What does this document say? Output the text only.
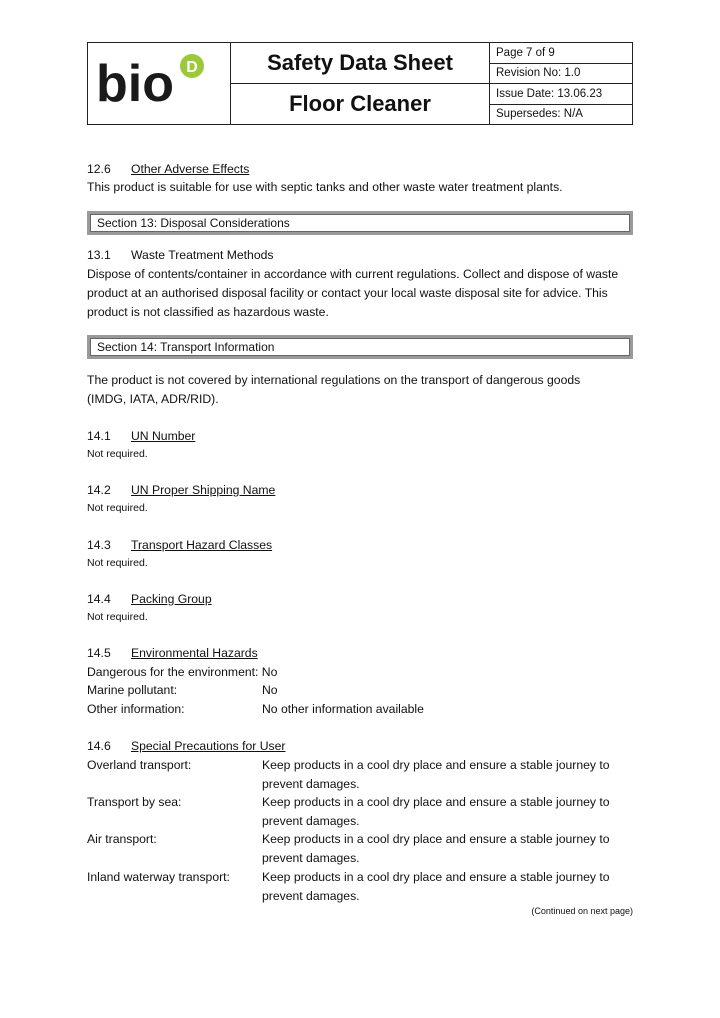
bio D	Safety Data Sheet
Floor Cleaner
Page 7 of 9
Revision No: 1.0
Issue Date: 13.06.23
Supersedes: N/A
12.6 Other Adverse Effects
This product is suitable for use with septic tanks and other waste water treatment plants.
Section 13: Disposal Considerations
13.1 Waste Treatment Methods
Dispose of contents/container in accordance with current regulations. Collect and dispose of waste
product at an authorised disposal facility or contact your local waste disposal site for advice. This
product is not classified as hazardous waste.
Section 14: Transport Information
The product is not covered by international regulations on the transport of dangerous goods
(IMDG, IATA, ADR/RID).
14.1 UN Number
Not required.
14.2 UN Proper Shipping Name
Not required.
14.3 Transport Hazard Classes
Not required.
14.4 Packing Group
Not required.
14.5 Environmental Hazards
Dangerous for the environment: No
Marine pollutant:	No
Other information:	No other information available
14.6 Special Precautions for User
Overland transport:	Keep products in a cool dry place and ensure a stable journey to
prevent damages.
Transport by sea:	Keep products in a cool dry place and ensure a stable journey to
prevent damages.
Air transport:	Keep products in a cool dry place and ensure a stable journey to
prevent damages.
Inland waterway transport:	Keep products in a cool dry place and ensure a stable journey to
prevent damages.
(Continued on next page)
